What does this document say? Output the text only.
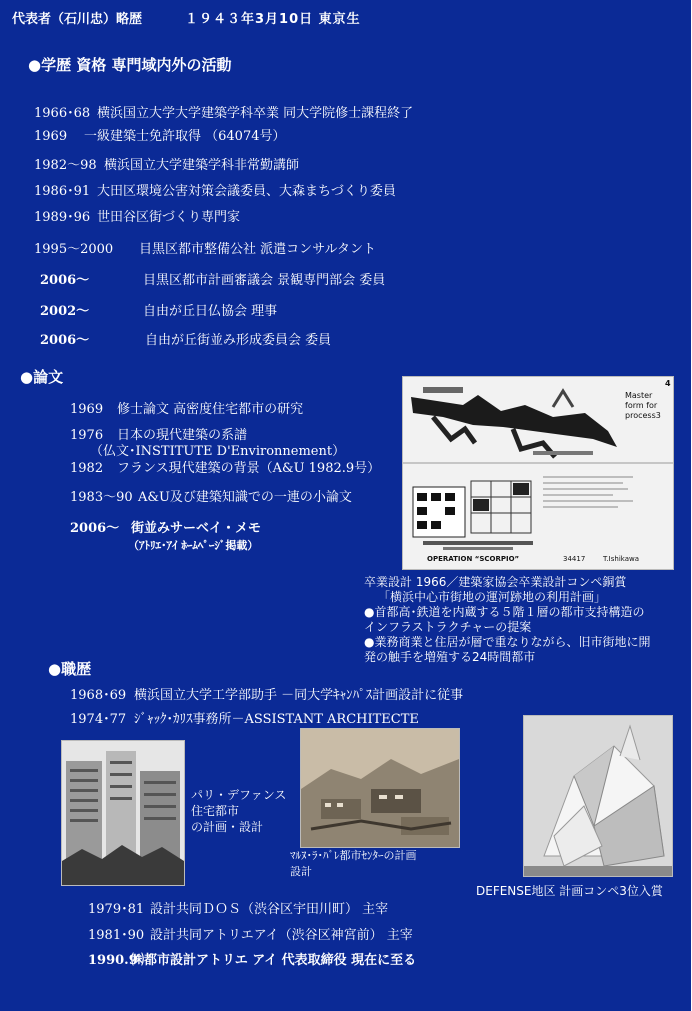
代表者（石川忠）略歴	１９４３年3月10日 東京生
●学歴 資格 専門域内外の活動
1966･68 横浜国立大学大学建築学科卒業 同大学院修士課程終了
1969 一級建築士免許取得 （64074号）
1982～98 横浜国立大学建築学科非常勤講師
1986･91 大田区環境公害対策会議委員、大森まちづくり委員
1989･96 世田谷区街づくり専門家
1995～2000 目黒区都市整備公社 派遣コンサルタント
2006～	目黒区都市計画審議会 景観専門部会 委員
2002～	自由が丘日仏協会 理事
2006～	自由が丘街並み形成委員会 委員
●論文
1969 修士論文 高密度住宅都市の研究
1976 日本の現代建築の系譜
（仏文･INSTITUTE D'Environnement）
1982 フランス現代建築の背景（A&U 1982.9号）
1983～90 A&U及び建築知識での一連の小論文
2006～ 街並みサーベイ・メモ
（ｱﾄﾘｴ･ｱｲ ﾎｰﾑﾍﾟｰｼﾞ掲載）
Master form for process3
4
OPERATION “SCORPIO”	34417	T.Ishikawa
卒業設計 1966／建築家協会卒業設計コンペ銅賞
「横浜中心市街地の運河跡地の利用計画」
●首都高･鉄道を内蔵する５階１層の都市支持構造の
インフラストラクチャーの提案
●業務商業と住居が層で重なりながら、旧市街地に開
発の触手を増殖する24時間都市
●職歴
1968･69 横浜国立大学工学部助手 －同大学ｷｬﾝﾊﾟｽ計画設計に従事
1974･77 ｼﾞｬｯｸ･ｶﾘｽ事務所－ASSISTANT ARCHITECTE
パリ・デファンス
住宅都市
の計画・設計
ﾏﾙﾇ･ﾗ･ﾊﾞﾚ都市ｾﾝﾀｰの計画
設計
DEFENSE地区 計画コンペ3位入賞
1979･81 設計共同ＤＯＳ（渋谷区宇田川町） 主宰
1981･90 設計共同アトリエアイ（渋谷区神宮前） 主宰
1990.9
㈱都市設計アトリエ アイ 代表取締役 現在に至る
